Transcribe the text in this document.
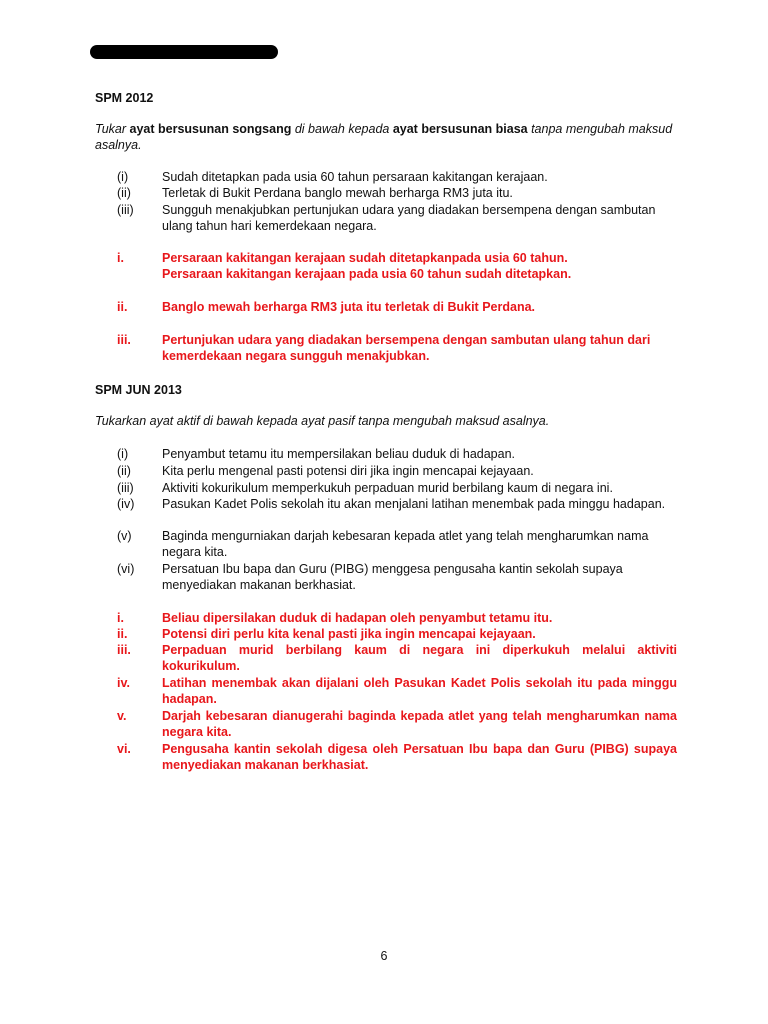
SPM 2012
Tukar ayat bersusunan songsang di bawah kepada ayat bersusunan biasa tanpa mengubah maksud asalnya.
(i)	Sudah ditetapkan pada usia 60 tahun persaraan kakitangan kerajaan.
(ii) Terletak di Bukit Perdana banglo mewah berharga RM3 juta itu.
(iii) Sungguh menakjubkan pertunjukan udara yang diadakan bersempena dengan sambutan ulang tahun hari kemerdekaan negara.
i.	Persaraan kakitangan kerajaan sudah ditetapkanpada usia 60 tahun.
Persaraan kakitangan kerajaan pada usia 60 tahun sudah ditetapkan.
ii.	Banglo mewah berharga RM3 juta itu terletak di Bukit Perdana.
iii. Pertunjukan udara yang diadakan bersempena dengan sambutan ulang tahun dari kemerdekaan negara sungguh menakjubkan.
SPM JUN 2013
Tukarkan ayat aktif di bawah kepada ayat pasif tanpa mengubah maksud asalnya.
(i)	Penyambut tetamu itu mempersilakan beliau duduk di hadapan.
(ii) Kita perlu mengenal pasti potensi diri jika ingin mencapai kejayaan.
(iii) Aktiviti kokurikulum memperkukuh perpaduan murid berbilang kaum di negara ini.
(iv) Pasukan Kadet Polis sekolah itu akan menjalani latihan menembak pada minggu hadapan.
(v) Baginda mengurniakan darjah kebesaran kepada atlet yang telah mengharumkan nama negara kita.
(vi) Persatuan Ibu bapa dan Guru (PIBG) menggesa pengusaha kantin sekolah supaya menyediakan makanan berkhasiat.
i.	Beliau dipersilakan duduk di hadapan oleh penyambut tetamu itu.
ii.	Potensi diri perlu kita kenal pasti jika ingin mencapai kejayaan.
iii. Perpaduan murid berbilang kaum di negara ini diperkukuh melalui aktiviti kokurikulum.
iv.	Latihan menembak akan dijalani oleh Pasukan Kadet Polis sekolah itu pada minggu hadapan.
v.	Darjah kebesaran dianugerahi baginda kepada atlet yang telah mengharumkan nama negara kita.
vi. Pengusaha kantin sekolah digesa oleh Persatuan Ibu bapa dan Guru (PIBG) supaya menyediakan makanan berkhasiat.
6
